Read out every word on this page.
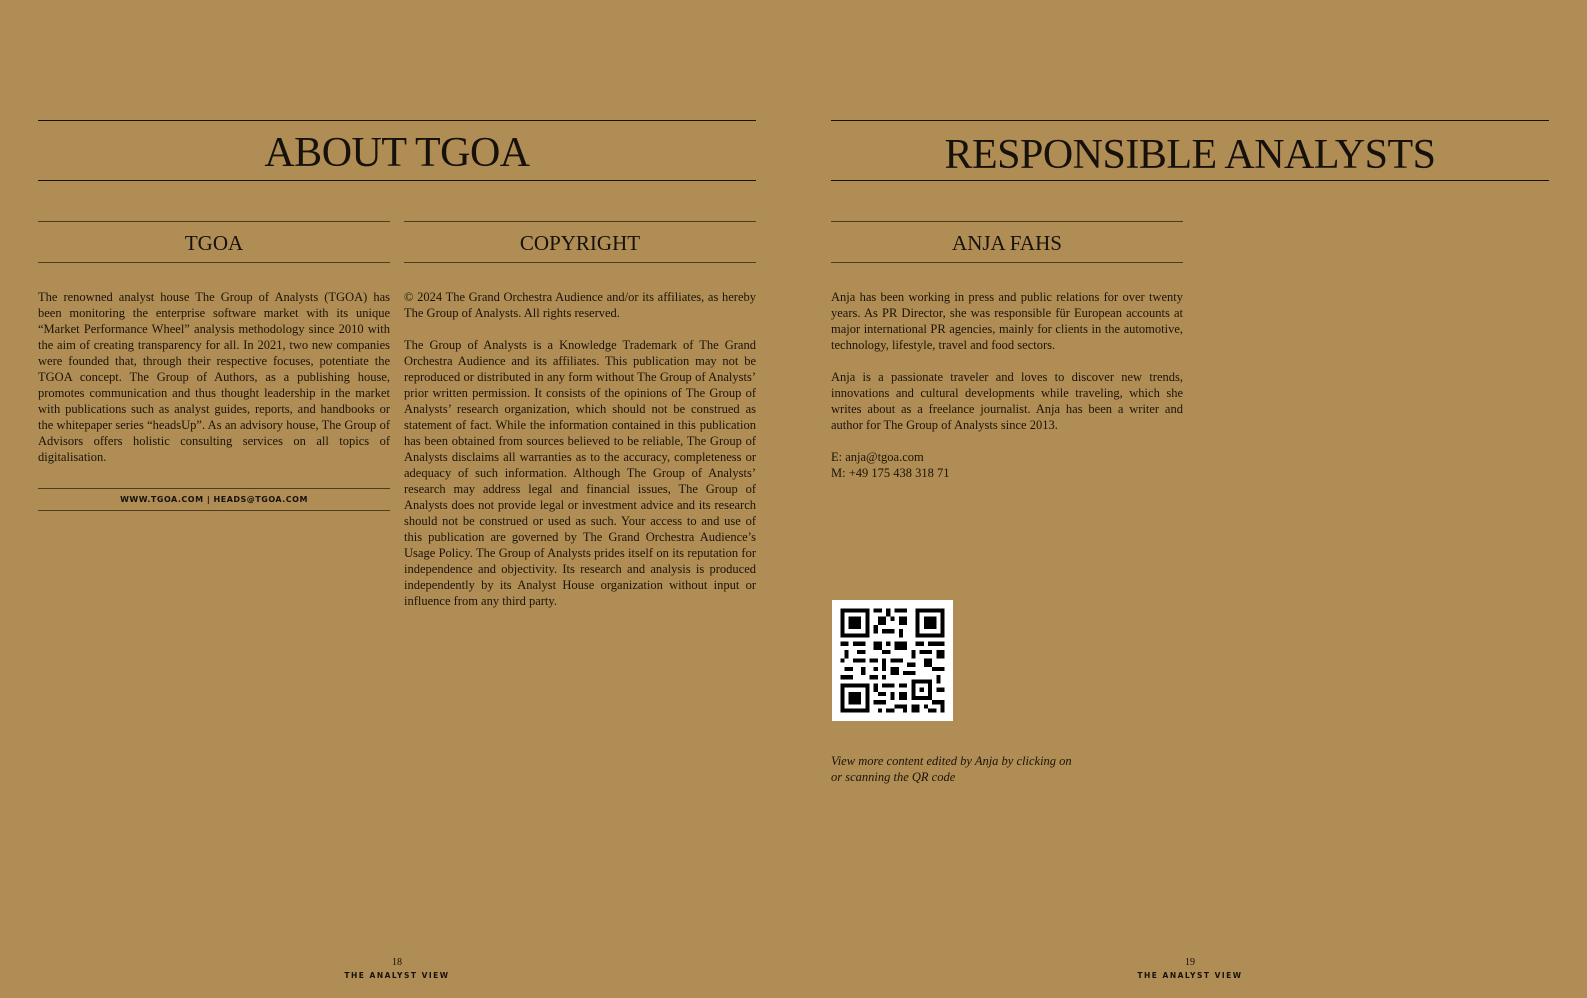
ABOUT TGOA
TGOA
The renowned analyst house The Group of Analysts (TGOA) has been monitoring the enterprise software market with its unique “Market Performance Wheel” analysis methodology since 2010 with the aim of creating transparency for all. In 2021, two new companies were founded that, through their respective focuses, potentiate the TGOA concept. The Group of Authors, as a publishing house, promotes communication and thus thought leadership in the market with publications such as analyst guides, reports, and handbooks or the whitepaper series “headsUp”. As an advisory house, The Group of Advisors offers holistic consulting services on all topics of digitalisation.
WWW.TGOA.COM | HEADS@TGOA.COM
COPYRIGHT

© 2024 The Grand Orchestra Audience and/or its affiliates, as hereby The Group of Analysts. All rights reserved.

The Group of Analysts is a Knowledge Trademark of The Grand Orchestra Audience and its affiliates. This publication may not be reproduced or distributed in any form without The Group of Analysts’ prior written permission. It consists of the opinions of The Group of Analysts’ research organization, which should not be construed as statement of fact. While the information contained in this publication has been obtained from sources believed to be reliable, The Group of Analysts disclaims all warranties as to the accuracy, completeness or adequacy of such information. Although The Group of Analysts’ research may address legal and financial issues, The Group of Analysts does not provide legal or investment advice and its research should not be construed or used as such. Your access to and use of this publication are governed by The Grand Orchestra Audience’s Usage Policy. The Group of Analysts prides itself on its reputation for independence and objectivity. Its research and analysis is produced independently by its Analyst House organization without input or influence from any third party.

18
THE ANALYST VIEW
RESPONSIBLE ANALYSTS
ANJA FAHS

Anja has been working in press and public relations for over twenty years. As PR Director, she was responsible für European accounts at major international PR agencies, mainly for clients in the automotive, technology, lifestyle, travel and food sectors.

Anja is a passionate traveler and loves to discover new trends, innovations and cultural developments while traveling, which she writes about as a freelance journalist. Anja has been a writer and author for The Group of Analysts since 2013.

E: anja@tgoa.com
M: +49 175 438 318 71
View more content edited by Anja by clicking on
or scanning the QR code
19
THE ANALYST VIEW
